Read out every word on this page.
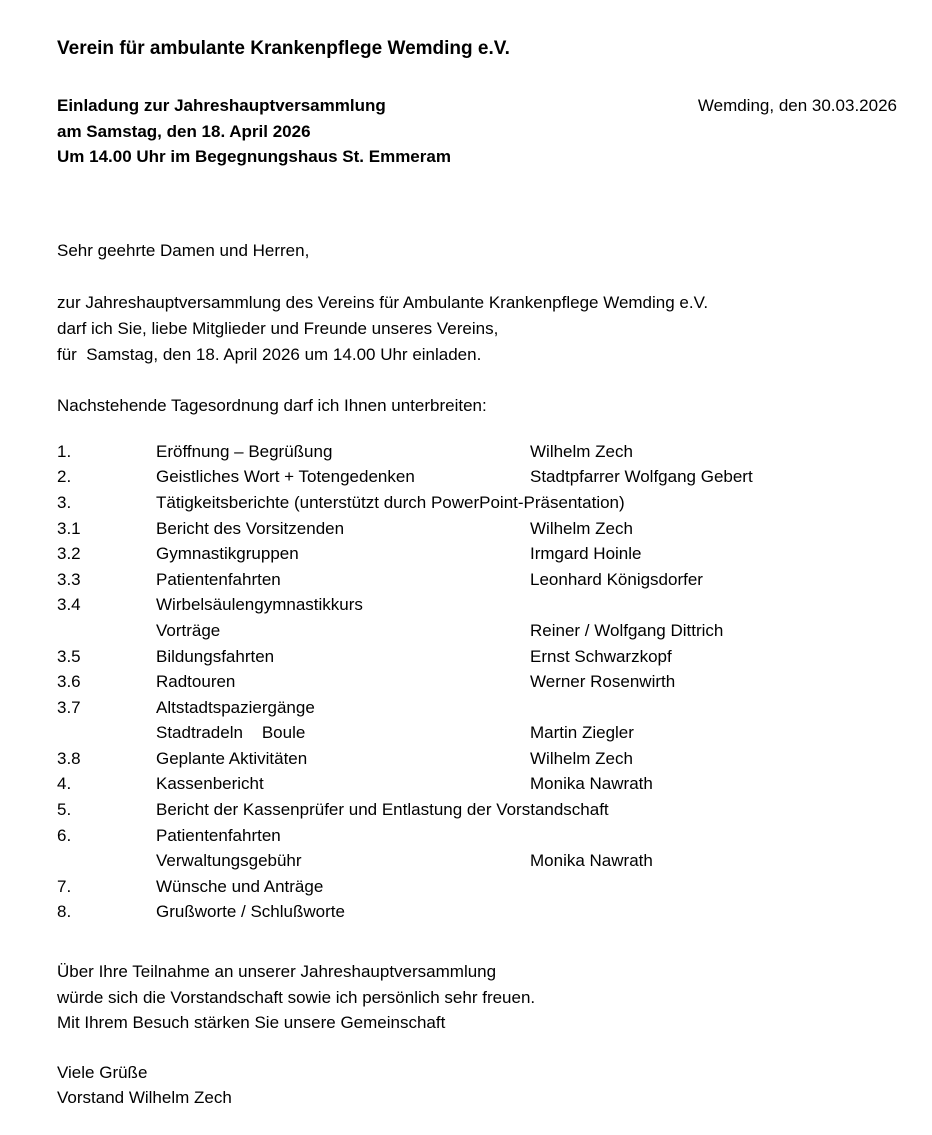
Verein für ambulante Krankenpflege Wemding e.V.
Einladung zur Jahreshauptversammlung
am Samstag, den 18. April 2026
Um 14.00 Uhr im Begegnungshaus St. Emmeram
Wemding, den 30.03.2026

Sehr geehrte Damen und Herren,

zur Jahreshauptversammlung des Vereins für Ambulante Krankenpflege Wemding e.V.
darf ich Sie, liebe Mitglieder und Freunde unseres Vereins,
für  Samstag, den 18. April 2026 um 14.00 Uhr einladen.

Nachstehende Tagesordnung darf ich Ihnen unterbreiten:

1.	Eröffnung – Begrüßung	Wilhelm Zech
2.	Geistliches Wort + Totengedenken	Stadtpfarrer Wolfgang Gebert
3.	Tätigkeitsberichte (unterstützt durch PowerPoint-Präsentation)
3.1	Bericht des Vorsitzenden	Wilhelm Zech
3.2	Gymnastikgruppen	Irmgard Hoinle
3.3	Patientenfahrten	Leonhard Königsdorfer
3.4	Wirbelsäulengymnastikkurs
Vorträge	Reiner / Wolfgang Dittrich
3.5	Bildungsfahrten	Ernst Schwarzkopf
3.6	Radtouren	Werner Rosenwirth
3.7	Altstadtspaziergänge
Stadtradeln    Boule	Martin Ziegler
3.8	Geplante Aktivitäten	Wilhelm Zech
4.	Kassenbericht	Monika Nawrath
5.	Bericht der Kassenprüfer und Entlastung der Vorstandschaft
6.	Patientenfahrten
Verwaltungsgebühr	Monika Nawrath
7.	Wünsche und Anträge
8.	Grußworte / Schlußworte
Über Ihre Teilnahme an unserer Jahreshauptversammlung
würde sich die Vorstandschaft sowie ich persönlich sehr freuen.
Mit Ihrem Besuch stärken Sie unsere Gemeinschaft
Viele Grüße
Vorstand Wilhelm Zech
